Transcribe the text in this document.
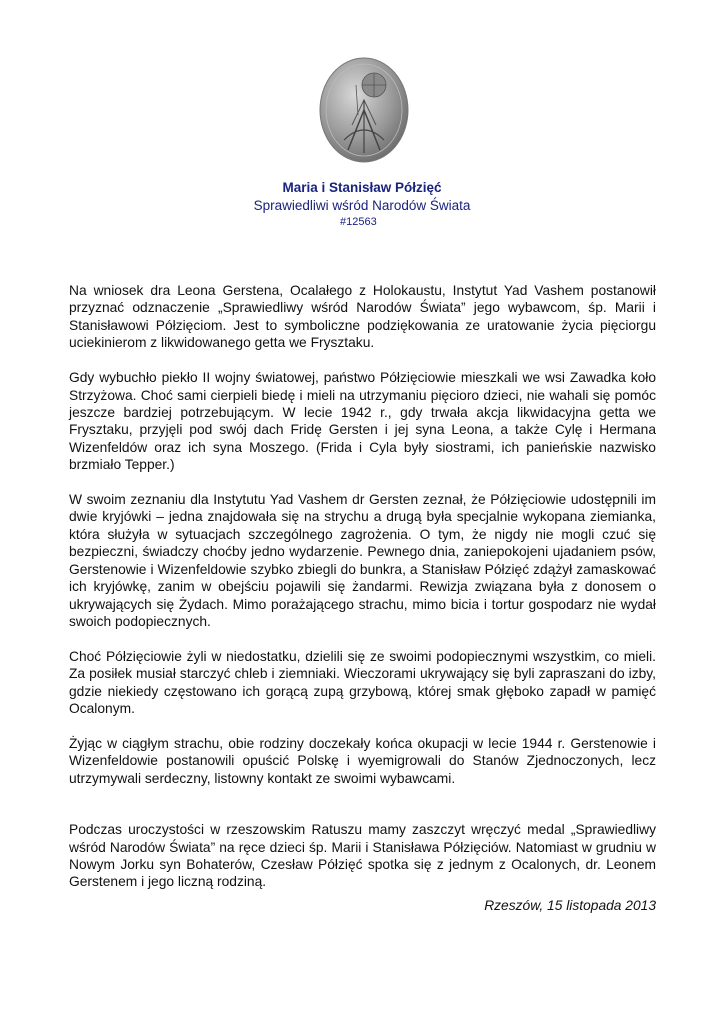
Maria i Stanisław Półzięć
Sprawiedliwi wśród Narodów Świata
#12563

Na wniosek dra Leona Gerstena, Ocalałego z Holokaustu, Instytut Yad Vashem postanowił przyznać odznaczenie „Sprawiedliwy wśród Narodów Świata” jego wybawcom, śp. Marii i Stanisławowi Półzięciom. Jest to symboliczne podziękowania ze uratowanie życia pięciorgu uciekinierom z likwidowanego getta we Frysztaku.

Gdy wybuchło piekło II wojny światowej, państwo Półzięciowie mieszkali we wsi Zawadka koło Strzyżowa. Choć sami cierpieli biedę i mieli na utrzymaniu pięcioro dzieci, nie wahali się pomóc jeszcze bardziej potrzebującym. W lecie 1942 r., gdy trwała akcja likwidacyjna getta we Frysztaku, przyjęli pod swój dach Fridę Gersten i jej syna Leona, a także Cylę i Hermana Wizenfeldów oraz ich syna Moszego. (Frida i Cyla były siostrami, ich panieńskie nazwisko brzmiało Tepper.)

W swoim zeznaniu dla Instytutu Yad Vashem dr Gersten zeznał, że Półzięciowie udostępnili im dwie kryjówki – jedna znajdowała się na strychu a drugą była specjalnie wykopana ziemianka, która służyła w sytuacjach szczególnego zagrożenia. O tym, że nigdy nie mogli czuć się bezpieczni, świadczy choćby jedno wydarzenie. Pewnego dnia, zaniepokojeni ujadaniem psów, Gerstenowie i Wizenfeldowie szybko zbiegli do bunkra, a Stanisław Półzięć zdążył zamaskować ich kryjówkę, zanim w obejściu pojawili się żandarmi. Rewizja związana była z donosem o ukrywających się Żydach. Mimo porażającego strachu, mimo bicia i tortur gospodarz nie wydał swoich podopiecznych.

Choć Półzięciowie żyli w niedostatku, dzielili się ze swoimi podopiecznymi wszystkim, co mieli. Za posiłek musiał starczyć chleb i ziemniaki. Wieczorami ukrywający się byli zapraszani do izby, gdzie niekiedy częstowano ich gorącą zupą grzybową, której smak głęboko zapadł w pamięć Ocalonym.

Żyjąc w ciągłym strachu, obie rodziny doczekały końca okupacji w lecie 1944 r. Gerstenowie i Wizenfeldowie postanowili opuścić Polskę i wyemigrowali do Stanów Zjednoczonych, lecz utrzymywali serdeczny, listowny kontakt ze swoimi wybawcami.

Podczas uroczystości w rzeszowskim Ratuszu mamy zaszczyt wręczyć medal „Sprawiedliwy wśród Narodów Świata” na ręce dzieci śp. Marii i Stanisława Półzięciów. Natomiast w grudniu w Nowym Jorku syn Bohaterów, Czesław Półzięć spotka się z jednym z Ocalonych, dr. Leonem Gerstenem i jego liczną rodziną.

Rzeszów, 15 listopada 2013
